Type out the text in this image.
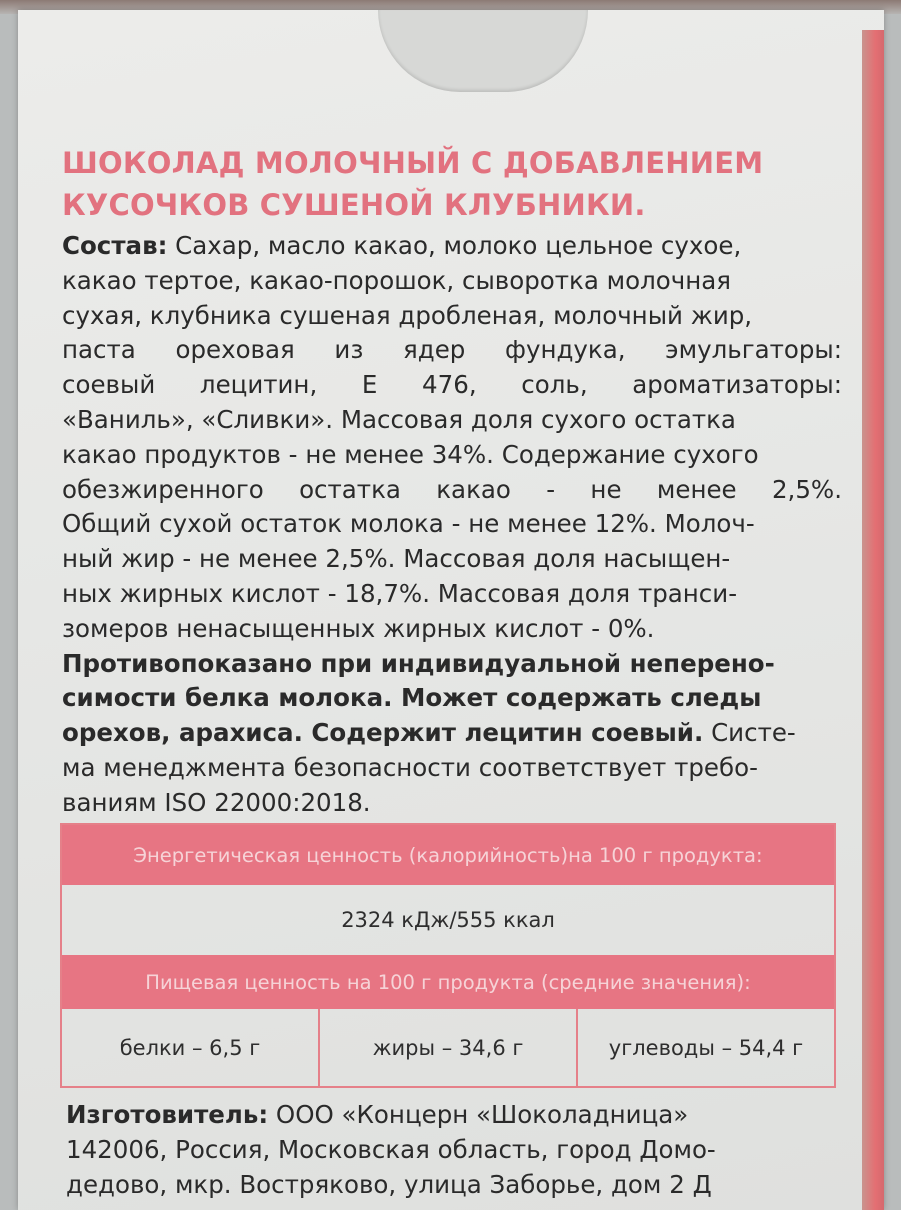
ШОКОЛАД МОЛОЧНЫЙ С ДОБАВЛЕНИЕМ
КУСОЧКОВ СУШЕНОЙ КЛУБНИКИ.
Состав: Сахар, масло какао, молоко цельное сухое,
какао тертое, какао-порошок, сыворотка молочная
сухая, клубника сушеная дробленая, молочный жир,
паста ореховая из ядер фундука, эмульгаторы:
соевый лецитин, Е 476, соль, ароматизаторы:
«Ваниль», «Сливки». Массовая доля сухого остатка
какао продуктов - не менее 34%. Содержание сухого
обезжиренного остатка какао - не менее 2,5%.
Общий сухой остаток молока - не менее 12%. Молоч-
ный жир - не менее 2,5%. Массовая доля насыщен-
ных жирных кислот - 18,7%. Массовая доля транси-
зомеров ненасыщенных жирных кислот - 0%.
Противопоказано при индивидуальной неперено-
симости белка молока. Может содержать следы
орехов, арахиса. Содержит лецитин соевый. Систе-
ма менеджмента безопасности соответствует требо-
ваниям ISO 22000:2018.
Энергетическая ценность (калорийность)на 100 г продукта:
2324 кДж/555 ккал
Пищевая ценность на 100 г продукта (средние значения):
белки – 6,5 г	жиры – 34,6 г	углеводы – 54,4 г
Изготовитель: ООО «Концерн «Шоколадница»
142006, Россия, Московская область, город Домо-
дедово, мкр. Востряково, улица Заборье, дом 2 Д
